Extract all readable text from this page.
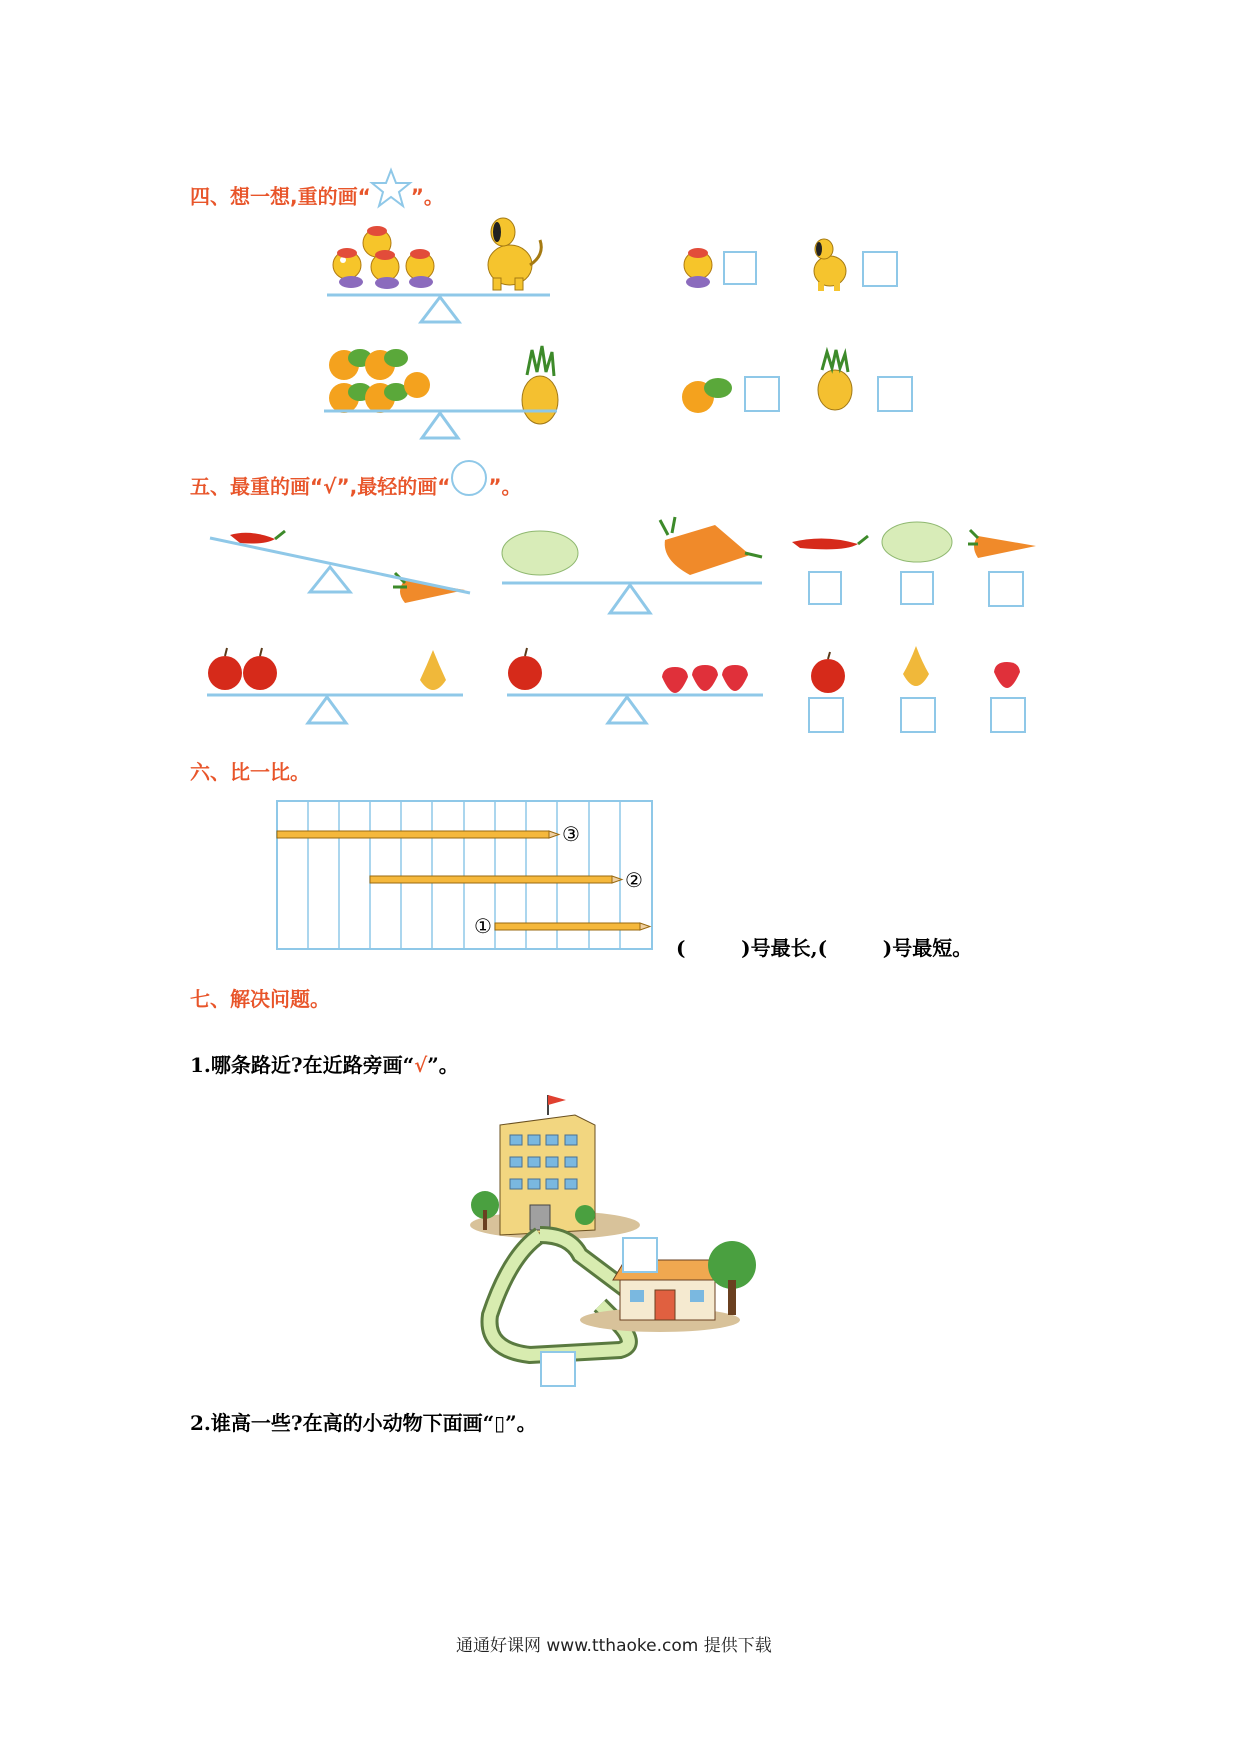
四、想一想,重的画“ ”。
五、最重的画“√”,最轻的画“ ”。
六、比一比。
③
②
①
(        )号最长,(        )号最短。
七、解决问题。
1.哪条路近?在近路旁画“√”。
2.谁高一些?在高的小动物下面画“▯”。
通通好课网 www.tthaoke.com 提供下载
